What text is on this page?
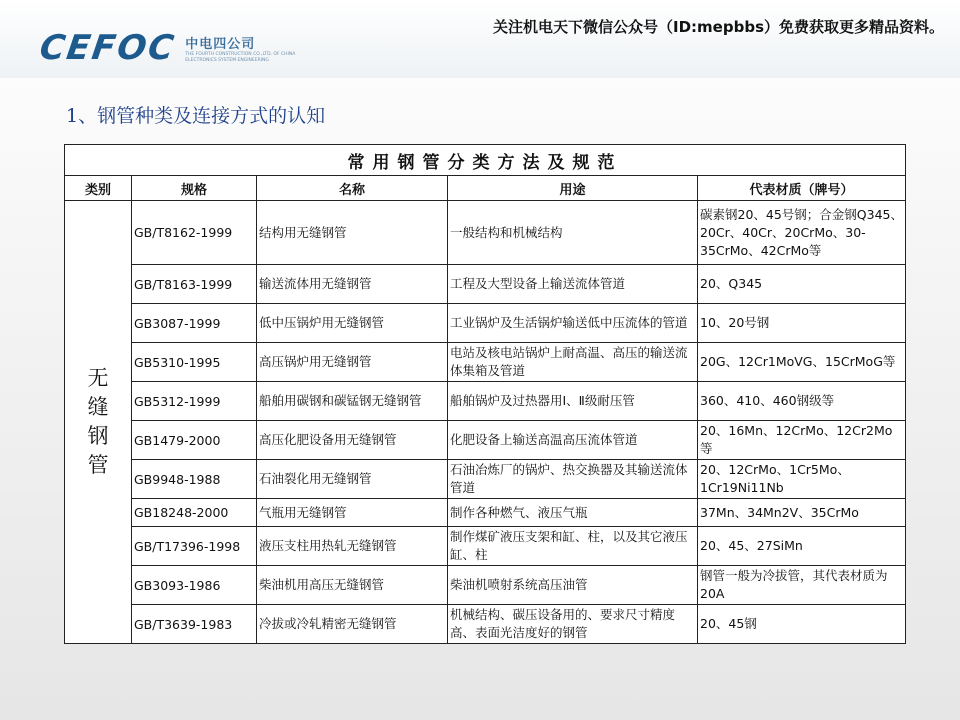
CEFOC 中电四公司
THE FOURTH CONSTRUCTION CO.,LTD. OF CHINA ELECTRONICS SYSTEM ENGINEERING
关注机电天下微信公众号（ID:mepbbs）免费获取更多精品资料。
1、钢管种类及连接方式的认知
常用钢管分类方法及规范				
类别	规格	名称	用途	代表材质（牌号）
无缝钢管	GB/T8162-1999	结构用无缝钢管	一般结构和机械结构	碳素钢20、45号钢；合金钢Q345、20Cr、40Cr、20CrMo、30-35CrMo、42CrMo等
	GB/T8163-1999	输送流体用无缝钢管	工程及大型设备上输送流体管道	20、Q345
	GB3087-1999	低中压锅炉用无缝钢管	工业锅炉及生活锅炉输送低中压流体的管道	10、20号钢
	GB5310-1995	高压锅炉用无缝钢管	电站及核电站锅炉上耐高温、高压的输送流体集箱及管道	20G、12Cr1MoVG、15CrMoG等
	GB5312-1999	船舶用碳钢和碳锰钢无缝钢管	船舶锅炉及过热器用Ⅰ、Ⅱ级耐压管	360、410、460钢级等
	GB1479-2000	高压化肥设备用无缝钢管	化肥设备上输送高温高压流体管道	20、16Mn、12CrMo、12Cr2Mo等
	GB9948-1988	石油裂化用无缝钢管	石油冶炼厂的锅炉、热交换器及其输送流体管道	20、12CrMo、1Cr5Mo、1Cr19Ni11Nb
	GB18248-2000	气瓶用无缝钢管	制作各种燃气、液压气瓶	37Mn、34Mn2V、35CrMo
	GB/T17396-1998	液压支柱用热轧无缝钢管	制作煤矿液压支架和缸、柱，以及其它液压缸、柱	20、45、27SiMn
	GB3093-1986	柴油机用高压无缝钢管	柴油机喷射系统高压油管	钢管一般为冷拔管，其代表材质为20A
	GB/T3639-1983	冷拔或冷轧精密无缝钢管	机械结构、碳压设备用的、要求尺寸精度高、表面光洁度好的钢管	20、45钢
